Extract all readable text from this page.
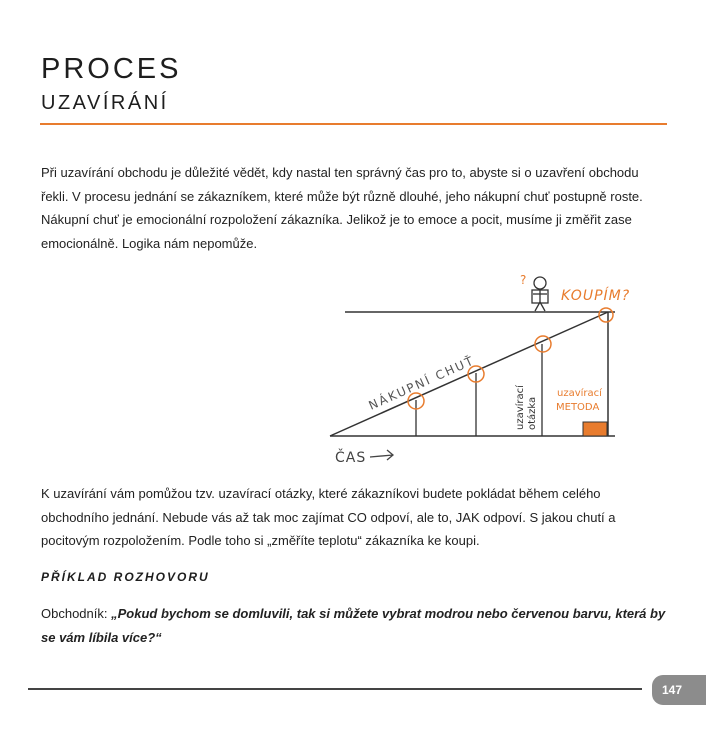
PROCES
UZAVÍRÁNÍ

Při uzavírání obchodu je důležité vědět, kdy nastal ten správný čas pro to, abyste si o uzavření obchodu řekli. V procesu jednání se zákazníkem, které může být různě dlouhé, jeho nákupní chuť postupně roste. Nákupní chuť je emocionální rozpoložení zákazníka. Jelikož je to emoce a pocit, musíme ji změřit zase emocionálně. Logika nám nepomůže.

?
KOUPÍM?
NÁKUPNÍ CHUŤ	uzavírací otázka
uzavírací
METODA
ČAS

K uzavírání vám pomůžou tzv. uzavírací otázky, které zákazníkovi budete pokládat během celého obchodního jednání. Nebude vás až tak moc zajímat CO odpoví, ale to, JAK odpoví. S jakou chutí a pocitovým rozpoložením. Podle toho si „změříte teplotu“ zákazníka ke koupi.

PŘÍKLAD ROZHOVORU

Obchodník: „Pokud bychom se domluvili, tak si můžete vybrat modrou nebo červenou barvu, která by se vám líbila více?“

147
